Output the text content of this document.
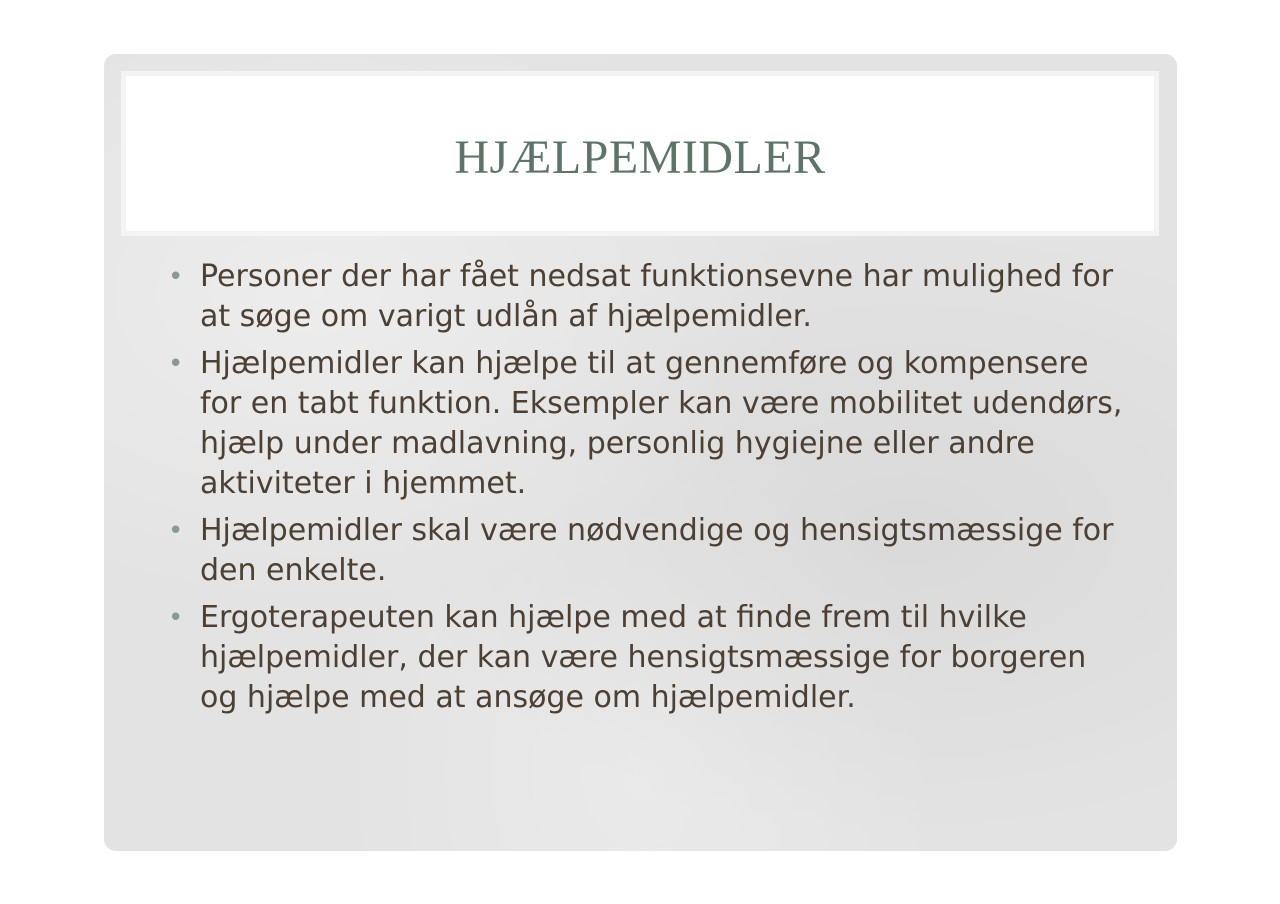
HJÆLPEMIDLER
• Personer der har fået nedsat funktionsevne har mulighed for at søge om varigt udlån af hjælpemidler.
• Hjælpemidler kan hjælpe til at gennemføre og kompensere for en tabt funktion. Eksempler kan være mobilitet udendørs, hjælp under madlavning, personlig hygiejne eller andre aktiviteter i hjemmet.
• Hjælpemidler skal være nødvendige og hensigtsmæssige for den enkelte.
• Ergoterapeuten kan hjælpe med at finde frem til hvilke hjælpemidler, der kan være hensigtsmæssige for borgeren og hjælpe med at ansøge om hjælpemidler.
